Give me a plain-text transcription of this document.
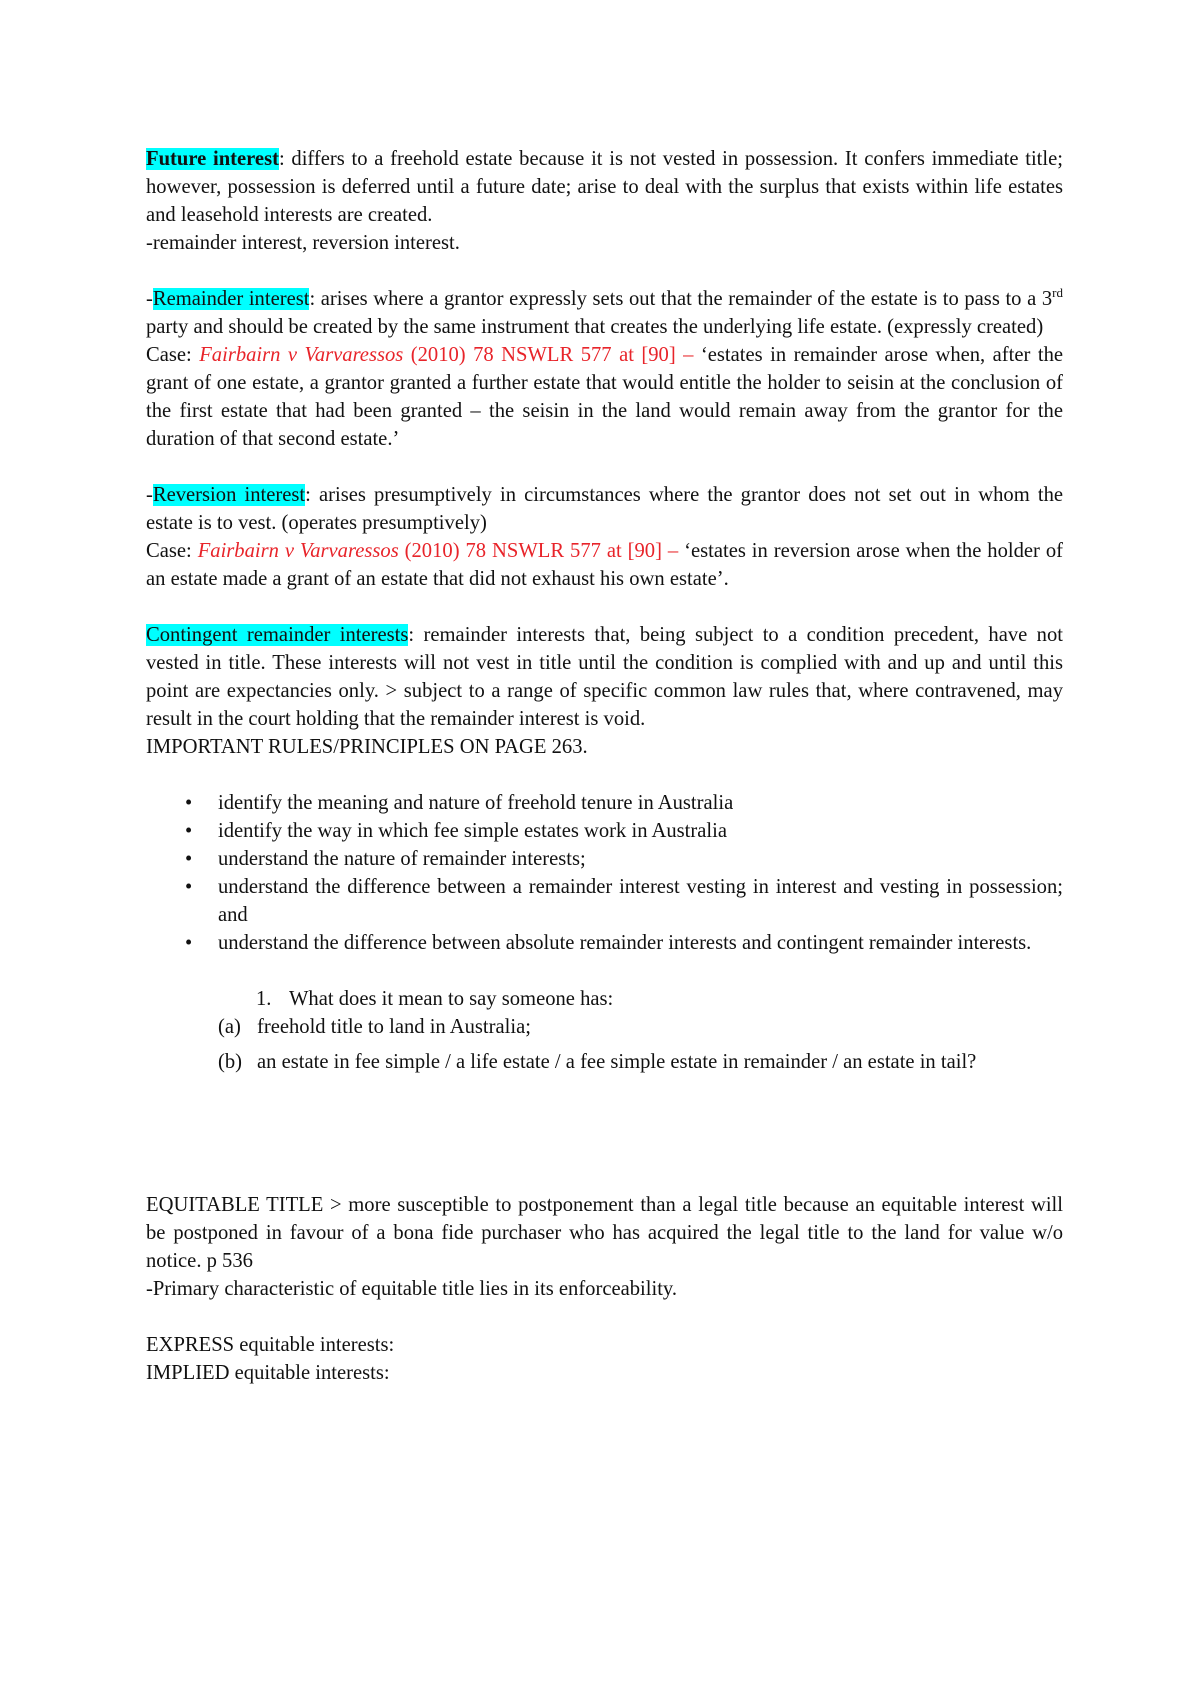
Future interest: differs to a freehold estate because it is not vested in possession. It confers immediate title; however, possession is deferred until a future date; arise to deal with the surplus that exists within life estates and leasehold interests are created.

-remainder interest, reversion interest.

-Remainder interest: arises where a grantor expressly sets out that the remainder of the estate is to pass to a 3rd party and should be created by the same instrument that creates the underlying life estate. (expressly created)

Case: Fairbairn v Varvaressos (2010) 78 NSWLR 577 at [90] – ‘estates in remainder arose when, after the grant of one estate, a grantor granted a further estate that would entitle the holder to seisin at the conclusion of the first estate that had been granted – the seisin in the land would remain away from the grantor for the duration of that second estate.’

-Reversion interest: arises presumptively in circumstances where the grantor does not set out in whom the estate is to vest. (operates presumptively)

Case: Fairbairn v Varvaressos (2010) 78 NSWLR 577 at [90] – ‘estates in reversion arose when the holder of an estate made a grant of an estate that did not exhaust his own estate’.

Contingent remainder interests: remainder interests that, being subject to a condition precedent, have not vested in title. These interests will not vest in title until the condition is complied with and up and until this point are expectancies only. > subject to a range of specific common law rules that, where contravened, may result in the court holding that the remainder interest is void.

IMPORTANT RULES/PRINCIPLES ON PAGE 263.

• identify the meaning and nature of freehold tenure in Australia
• identify the way in which fee simple estates work in Australia
• understand the nature of remainder interests;
• understand the difference between a remainder interest vesting in interest and vesting in possession; and
• understand the difference between absolute remainder interests and contingent remainder interests.
1. What does it mean to say someone has:
(a) freehold title to land in Australia;
(b) an estate in fee simple / a life estate / a fee simple estate in remainder / an estate in tail?

EQUITABLE TITLE > more susceptible to postponement than a legal title because an equitable interest will be postponed in favour of a bona fide purchaser who has acquired the legal title to the land for value w/o notice. p 536

-Primary characteristic of equitable title lies in its enforceability.

EXPRESS equitable interests:

IMPLIED equitable interests:
